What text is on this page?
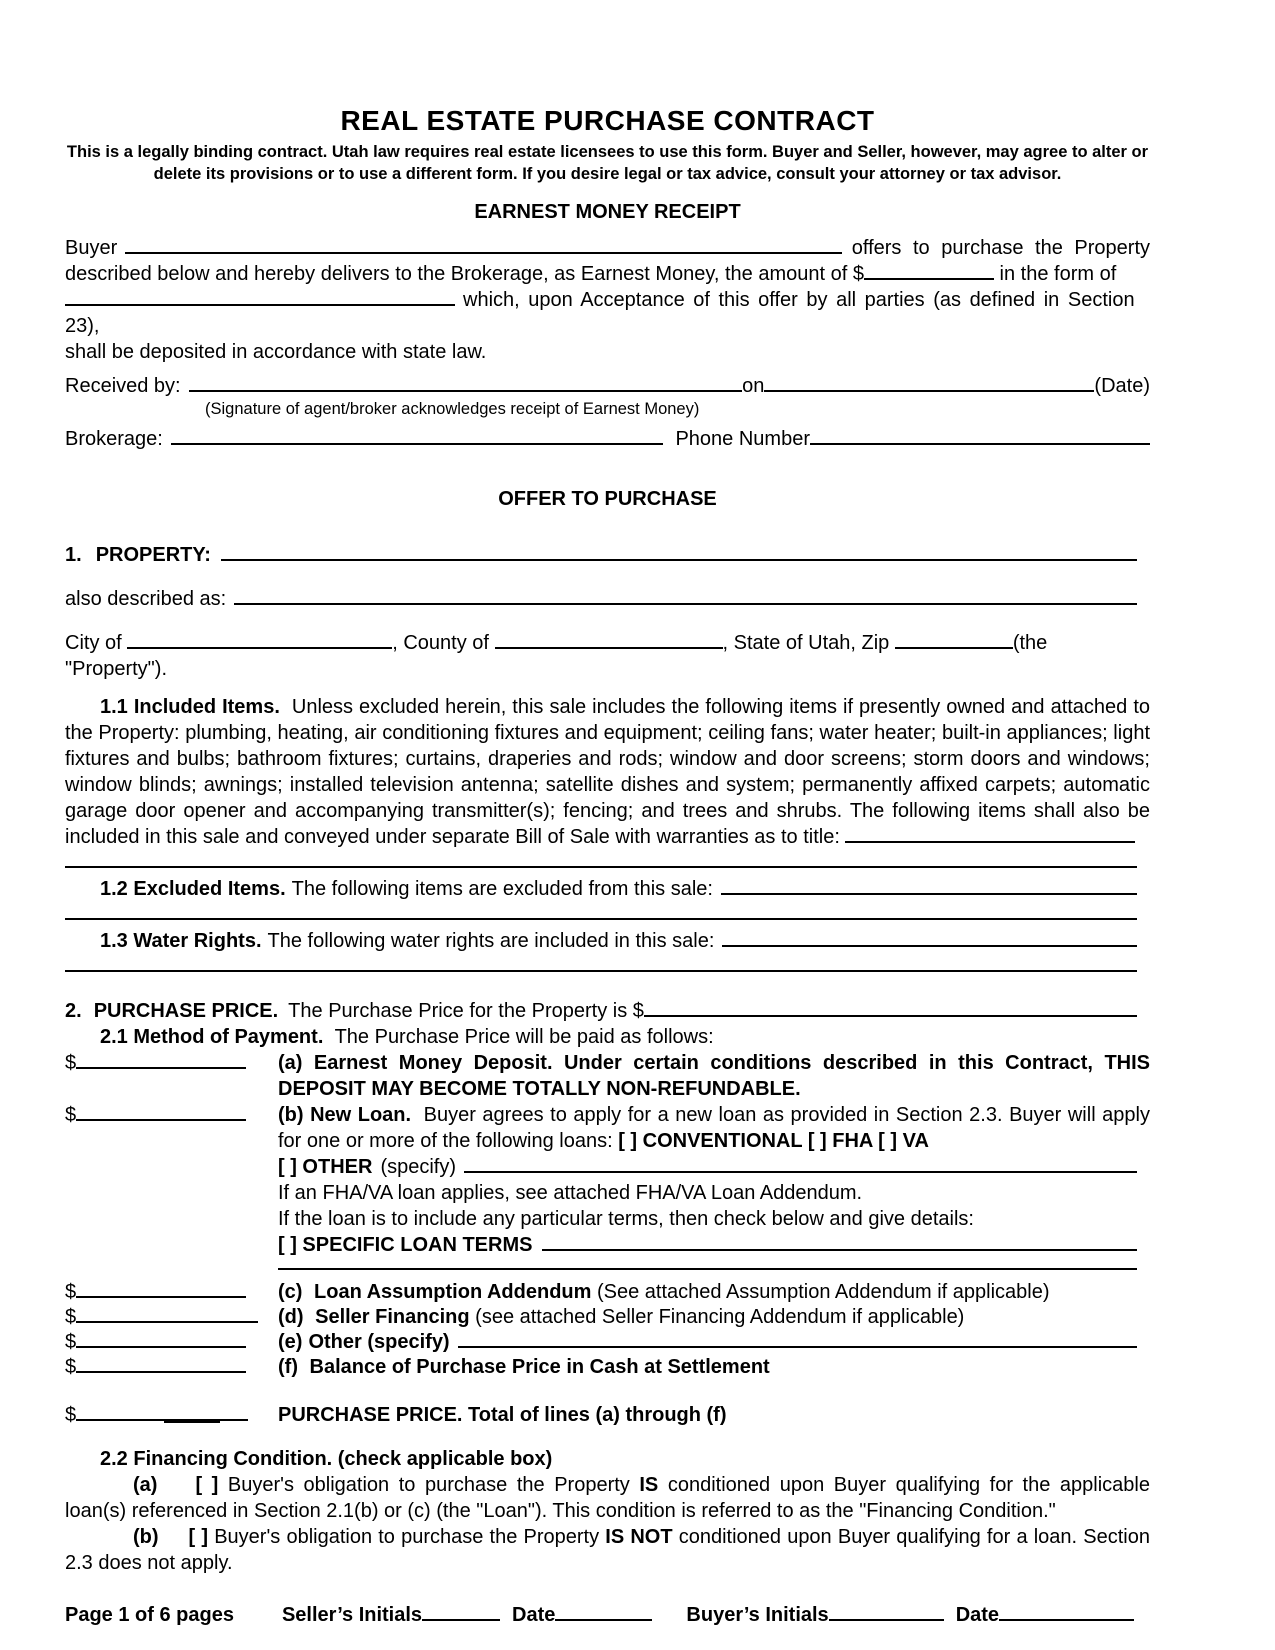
REAL ESTATE PURCHASE CONTRACT
This is a legally binding contract. Utah law requires real estate licensees to use this form. Buyer and Seller, however, may agree to alter or
delete its provisions or to use a different form. If you desire legal or tax advice, consult your attorney or tax advisor.
EARNEST MONEY RECEIPT
Buyer	offers to purchase the Property
described below and hereby delivers to the Brokerage, as Earnest Money, the amount of $	in the form of
which, upon Acceptance of this offer by all parties (as defined in Section 23),
shall be deposited in accordance with state law.
Received by:	on	(Date)
(Signature of agent/broker acknowledges receipt of Earnest Money)
Brokerage:	Phone Number
OFFER TO PURCHASE
1. PROPERTY:
also described as:
City of	, County of	, State of Utah, Zip	(the "Property").

1.1 Included Items. Unless excluded herein, this sale includes the following items if presently owned and attached to the Property: plumbing, heating, air conditioning fixtures and equipment; ceiling fans; water heater; built-in appliances; light fixtures and bulbs; bathroom fixtures; curtains, draperies and rods; window and door screens; storm doors and windows; window blinds; awnings; installed television antenna; satellite dishes and system; permanently affixed carpets; automatic garage door opener and accompanying transmitter(s); fencing; and trees and shrubs. The following items shall also be included in this sale and conveyed under separate Bill of Sale with warranties as to title:

1.2 Excluded Items. The following items are excluded from this sale:
1.3 Water Rights. The following water rights are included in this sale:
2. PURCHASE PRICE. The Purchase Price for the Property is $
2.1 Method of Payment. The Purchase Price will be paid as follows:
$	(a) Earnest Money Deposit. Under certain conditions described in this Contract, THIS DEPOSIT MAY BECOME TOTALLY NON-REFUNDABLE.
$	(b) New Loan. Buyer agrees to apply for a new loan as provided in Section 2.3. Buyer will apply for one or more of the following loans: [ ] CONVENTIONAL [ ] FHA [ ] VA
[ ] OTHER (specify)
If an FHA/VA loan applies, see attached FHA/VA Loan Addendum.
If the loan is to include any particular terms, then check below and give details:
[ ] SPECIFIC LOAN TERMS
$	(c) Loan Assumption Addendum (See attached Assumption Addendum if applicable)
$	(d) Seller Financing (see attached Seller Financing Addendum if applicable)
$	(e) Other (specify)
$	(f) Balance of Purchase Price in Cash at Settlement
$	PURCHASE PRICE. Total of lines (a) through (f)
2.2 Financing Condition. (check applicable box)

(a) [ ] Buyer's obligation to purchase the Property IS conditioned upon Buyer qualifying for the applicable loan(s) referenced in Section 2.1(b) or (c) (the "Loan"). This condition is referred to as the "Financing Condition."

(b) [ ] Buyer's obligation to purchase the Property IS NOT conditioned upon Buyer qualifying for a loan. Section 2.3 does not apply.

Page 1 of 6 pages Seller’s Initials	Date	Buyer’s Initials	Date
